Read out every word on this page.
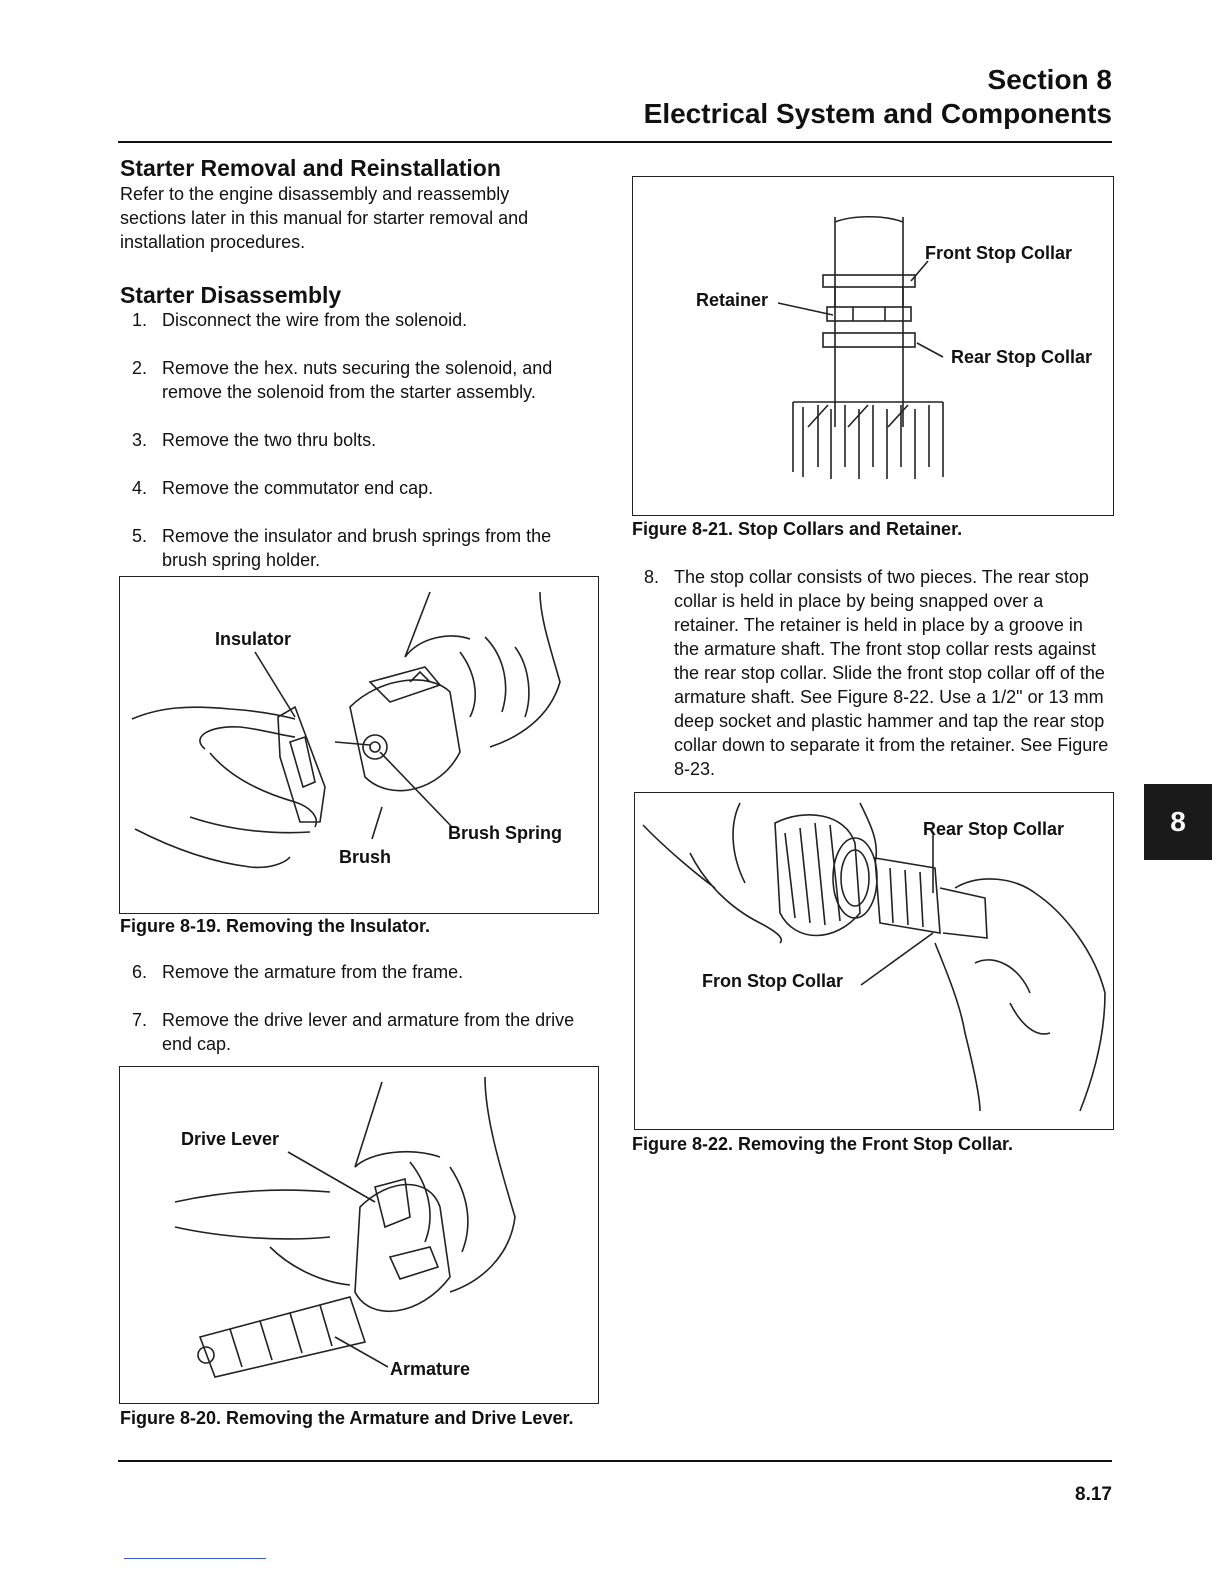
Section 8
Electrical System and Components
Starter Removal and Reinstallation
Refer to the engine disassembly and reassembly sections later in this manual for starter removal and installation procedures.
Starter Disassembly
1. Disconnect the wire from the solenoid.
2. Remove the hex. nuts securing the solenoid, and remove the solenoid from the starter assembly.
3. Remove the two thru bolts.
4. Remove the commutator end cap.
5. Remove the insulator and brush springs from the brush spring holder.
Insulator
Brush Spring
Brush
Figure 8-19. Removing the Insulator.
6. Remove the armature from the frame.
7. Remove the drive lever and armature from the drive end cap.
Drive Lever
Armature
Figure 8-20. Removing the Armature and Drive Lever.
Front Stop Collar
Retainer
Rear Stop Collar
Figure 8-21. Stop Collars and Retainer.
8. The stop collar consists of two pieces. The rear stop collar is held in place by being snapped over a retainer. The retainer is held in place by a groove in the armature shaft. The front stop collar rests against the rear stop collar. Slide the front stop collar off of the armature shaft. See Figure 8-22. Use a 1/2" or 13 mm deep socket and plastic hammer and tap the rear stop collar down to separate it from the retainer. See Figure 8-23.
Rear Stop Collar
Fron Stop Collar
Figure 8-22. Removing the Front Stop Collar.
8
8.17
